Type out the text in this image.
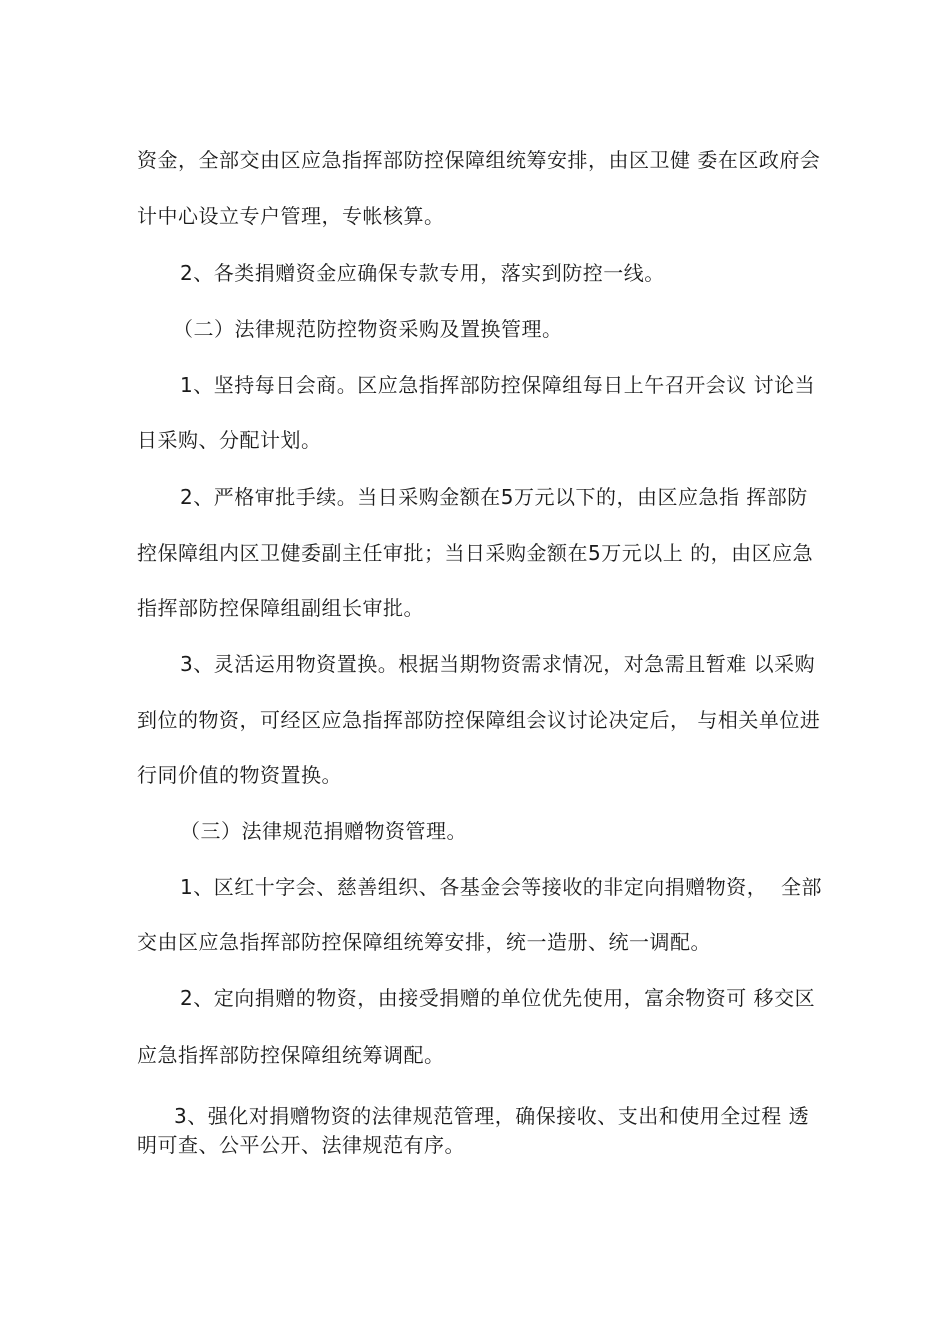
资金，全部交由区应急指挥部防控保障组统筹安排，由区卫健 委在区政府会
计中心设立专户管理，专帐核算。
2、各类捐赠资金应确保专款专用，落实到防控一线。
（二）法律规范防控物资采购及置换管理。
1、坚持每日会商。区应急指挥部防控保障组每日上午召开会议 讨论当
日采购、分配计划。
2、严格审批手续。当日采购金额在5万元以下的，由区应急指 挥部防
控保障组内区卫健委副主任审批；当日采购金额在5万元以上 的，由区应急
指挥部防控保障组副组长审批。
3、灵活运用物资置换。根据当期物资需求情况，对急需且暂难 以采购
到位的物资，可经区应急指挥部防控保障组会议讨论决定后， 与相关单位进
行同价值的物资置换。
（三）法律规范捐赠物资管理。
1、区红十字会、慈善组织、各基金会等接收的非定向捐赠物资，  全部
交由区应急指挥部防控保障组统筹安排，统一造册、统一调配。
2、定向捐赠的物资，由接受捐赠的单位优先使用，富余物资可 移交区
应急指挥部防控保障组统筹调配。
3、强化对捐赠物资的法律规范管理，确保接收、支出和使用全过程 透
明可查、公平公开、法律规范有序。
